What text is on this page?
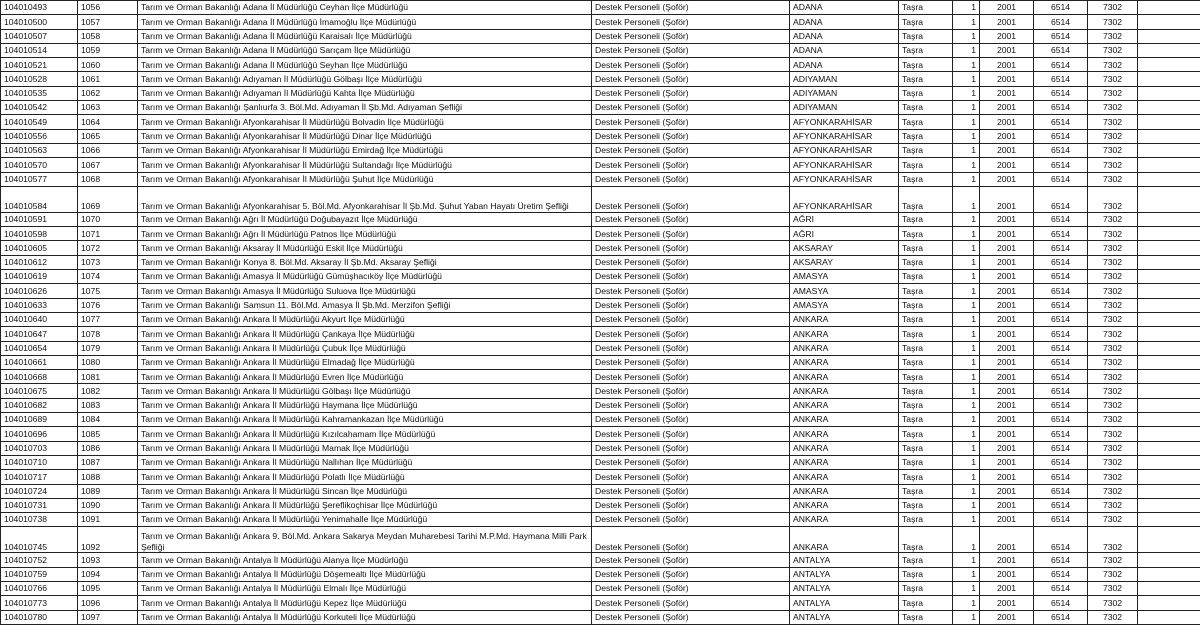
104010493	1056	Tarım ve Orman Bakanlığı Adana İl Müdürlüğü Ceyhan İlçe Müdürlüğü	Destek Personeli (Şoför)	ADANA	Taşra	1	2001	6514	7302	
104010500	1057	Tarım ve Orman Bakanlığı Adana İl Müdürlüğü İmamoğlu İlçe Müdürlüğü	Destek Personeli (Şoför)	ADANA	Taşra	1	2001	6514	7302	
104010507	1058	Tarım ve Orman Bakanlığı Adana İl Müdürlüğü Karaisalı İlçe Müdürlüğü	Destek Personeli (Şoför)	ADANA	Taşra	1	2001	6514	7302	
104010514	1059	Tarım ve Orman Bakanlığı Adana İl Müdürlüğü Sarıçam İlçe Müdürlüğü	Destek Personeli (Şoför)	ADANA	Taşra	1	2001	6514	7302	
104010521	1060	Tarım ve Orman Bakanlığı Adana İl Müdürlüğü Seyhan İlçe Müdürlüğü	Destek Personeli (Şoför)	ADANA	Taşra	1	2001	6514	7302	
104010528	1061	Tarım ve Orman Bakanlığı Adıyaman İl Müdürlüğü Gölbaşı İlçe Müdürlüğü	Destek Personeli (Şoför)	ADIYAMAN	Taşra	1	2001	6514	7302	
104010535	1062	Tarım ve Orman Bakanlığı Adıyaman İl Müdürlüğü Kahta İlçe Müdürlüğü	Destek Personeli (Şoför)	ADIYAMAN	Taşra	1	2001	6514	7302	
104010542	1063	Tarım ve Orman Bakanlığı Şanlıurfa 3. Böl.Md. Adıyaman İl Şb.Md. Adıyaman Şefliği	Destek Personeli (Şoför)	ADIYAMAN	Taşra	1	2001	6514	7302	
104010549	1064	Tarım ve Orman Bakanlığı Afyonkarahisar İl Müdürlüğü Bolvadin İlçe Müdürlüğü	Destek Personeli (Şoför)	AFYONKARAHİSAR	Taşra	1	2001	6514	7302	
104010556	1065	Tarım ve Orman Bakanlığı Afyonkarahisar İl Müdürlüğü Dinar İlçe Müdürlüğü	Destek Personeli (Şoför)	AFYONKARAHİSAR	Taşra	1	2001	6514	7302	
104010563	1066	Tarım ve Orman Bakanlığı Afyonkarahisar İl Müdürlüğü Emirdağ İlçe Müdürlüğü	Destek Personeli (Şoför)	AFYONKARAHİSAR	Taşra	1	2001	6514	7302	
104010570	1067	Tarım ve Orman Bakanlığı Afyonkarahisar İl Müdürlüğü Sultandağı İlçe Müdürlüğü	Destek Personeli (Şoför)	AFYONKARAHİSAR	Taşra	1	2001	6514	7302	
104010577	1068	Tarım ve Orman Bakanlığı Afyonkarahisar İl Müdürlüğü Şuhut İlçe Müdürlüğü	Destek Personeli (Şoför)	AFYONKARAHİSAR	Taşra	1	2001	6514	7302	
104010584	1069	Tarım ve Orman Bakanlığı Afyonkarahisar 5. Böl.Md. Afyonkarahisar İl Şb.Md. Şuhut Yaban Hayatı Üretim Şefliği	Destek Personeli (Şoför)	AFYONKARAHİSAR	Taşra	1	2001	6514	7302	
104010591	1070	Tarım ve Orman Bakanlığı Ağrı İl Müdürlüğü Doğubayazıt İlçe Müdürlüğü	Destek Personeli (Şoför)	AĞRI	Taşra	1	2001	6514	7302	
104010598	1071	Tarım ve Orman Bakanlığı Ağrı İl Müdürlüğü Patnos İlçe Müdürlüğü	Destek Personeli (Şoför)	AĞRI	Taşra	1	2001	6514	7302	
104010605	1072	Tarım ve Orman Bakanlığı Aksaray İl Müdürlüğü Eskil İlçe Müdürlüğü	Destek Personeli (Şoför)	AKSARAY	Taşra	1	2001	6514	7302	
104010612	1073	Tarım ve Orman Bakanlığı Konya 8. Böl.Md. Aksaray İl Şb.Md. Aksaray Şefliği	Destek Personeli (Şoför)	AKSARAY	Taşra	1	2001	6514	7302	
104010619	1074	Tarım ve Orman Bakanlığı Amasya İl Müdürlüğü Gümüşhacıköy İlçe Müdürlüğü	Destek Personeli (Şoför)	AMASYA	Taşra	1	2001	6514	7302	
104010626	1075	Tarım ve Orman Bakanlığı Amasya İl Müdürlüğü Suluova İlçe Müdürlüğü	Destek Personeli (Şoför)	AMASYA	Taşra	1	2001	6514	7302	
104010633	1076	Tarım ve Orman Bakanlığı Samsun 11. Böl.Md. Amasya İl Şb.Md. Merzifon Şefliği	Destek Personeli (Şoför)	AMASYA	Taşra	1	2001	6514	7302	
104010640	1077	Tarım ve Orman Bakanlığı Ankara İl Müdürlüğü Akyurt İlçe Müdürlüğü	Destek Personeli (Şoför)	ANKARA	Taşra	1	2001	6514	7302	
104010647	1078	Tarım ve Orman Bakanlığı Ankara İl Müdürlüğü Çankaya İlçe Müdürlüğü	Destek Personeli (Şoför)	ANKARA	Taşra	1	2001	6514	7302	
104010654	1079	Tarım ve Orman Bakanlığı Ankara İl Müdürlüğü Çubuk İlçe Müdürlüğü	Destek Personeli (Şoför)	ANKARA	Taşra	1	2001	6514	7302	
104010661	1080	Tarım ve Orman Bakanlığı Ankara İl Müdürlüğü Elmadağ İlçe Müdürlüğü	Destek Personeli (Şoför)	ANKARA	Taşra	1	2001	6514	7302	
104010668	1081	Tarım ve Orman Bakanlığı Ankara İl Müdürlüğü Evren İlçe Müdürlüğü	Destek Personeli (Şoför)	ANKARA	Taşra	1	2001	6514	7302	
104010675	1082	Tarım ve Orman Bakanlığı Ankara İl Müdürlüğü Gölbaşı İlçe Müdürlüğü	Destek Personeli (Şoför)	ANKARA	Taşra	1	2001	6514	7302	
104010682	1083	Tarım ve Orman Bakanlığı Ankara İl Müdürlüğü Haymana İlçe Müdürlüğü	Destek Personeli (Şoför)	ANKARA	Taşra	1	2001	6514	7302	
104010689	1084	Tarım ve Orman Bakanlığı Ankara İl Müdürlüğü Kahramankazan İlçe Müdürlüğü	Destek Personeli (Şoför)	ANKARA	Taşra	1	2001	6514	7302	
104010696	1085	Tarım ve Orman Bakanlığı Ankara İl Müdürlüğü Kızılcahamam İlçe Müdürlüğü	Destek Personeli (Şoför)	ANKARA	Taşra	1	2001	6514	7302	
104010703	1086	Tarım ve Orman Bakanlığı Ankara İl Müdürlüğü Mamak İlçe Müdürlüğü	Destek Personeli (Şoför)	ANKARA	Taşra	1	2001	6514	7302	
104010710	1087	Tarım ve Orman Bakanlığı Ankara İl Müdürlüğü Nallıhan İlçe Müdürlüğü	Destek Personeli (Şoför)	ANKARA	Taşra	1	2001	6514	7302	
104010717	1088	Tarım ve Orman Bakanlığı Ankara İl Müdürlüğü Polatlı İlçe Müdürlüğü	Destek Personeli (Şoför)	ANKARA	Taşra	1	2001	6514	7302	
104010724	1089	Tarım ve Orman Bakanlığı Ankara İl Müdürlüğü Sincan İlçe Müdürlüğü	Destek Personeli (Şoför)	ANKARA	Taşra	1	2001	6514	7302	
104010731	1090	Tarım ve Orman Bakanlığı Ankara İl Müdürlüğü Şereflikoçhisar İlçe Müdürlüğü	Destek Personeli (Şoför)	ANKARA	Taşra	1	2001	6514	7302	
104010738	1091	Tarım ve Orman Bakanlığı Ankara İl Müdürlüğü Yenimahalle İlçe Müdürlüğü	Destek Personeli (Şoför)	ANKARA	Taşra	1	2001	6514	7302	
104010745	1092	Tarım ve Orman Bakanlığı Ankara 9. Böl.Md. Ankara Sakarya Meydan Muharebesi Tarihi M.P.Md. Haymana Milli Park Şefliği	Destek Personeli (Şoför)	ANKARA	Taşra	1	2001	6514	7302	
104010752	1093	Tarım ve Orman Bakanlığı Antalya İl Müdürlüğü Alanya İlçe Müdürlüğü	Destek Personeli (Şoför)	ANTALYA	Taşra	1	2001	6514	7302	
104010759	1094	Tarım ve Orman Bakanlığı Antalya İl Müdürlüğü Döşemealtı İlçe Müdürlüğü	Destek Personeli (Şoför)	ANTALYA	Taşra	1	2001	6514	7302	
104010766	1095	Tarım ve Orman Bakanlığı Antalya İl Müdürlüğü Elmalı İlçe Müdürlüğü	Destek Personeli (Şoför)	ANTALYA	Taşra	1	2001	6514	7302	
104010773	1096	Tarım ve Orman Bakanlığı Antalya İl Müdürlüğü Kepez İlçe Müdürlüğü	Destek Personeli (Şoför)	ANTALYA	Taşra	1	2001	6514	7302	
104010780	1097	Tarım ve Orman Bakanlığı Antalya İl Müdürlüğü Korkuteli İlçe Müdürlüğü	Destek Personeli (Şoför)	ANTALYA	Taşra	1	2001	6514	7302	
